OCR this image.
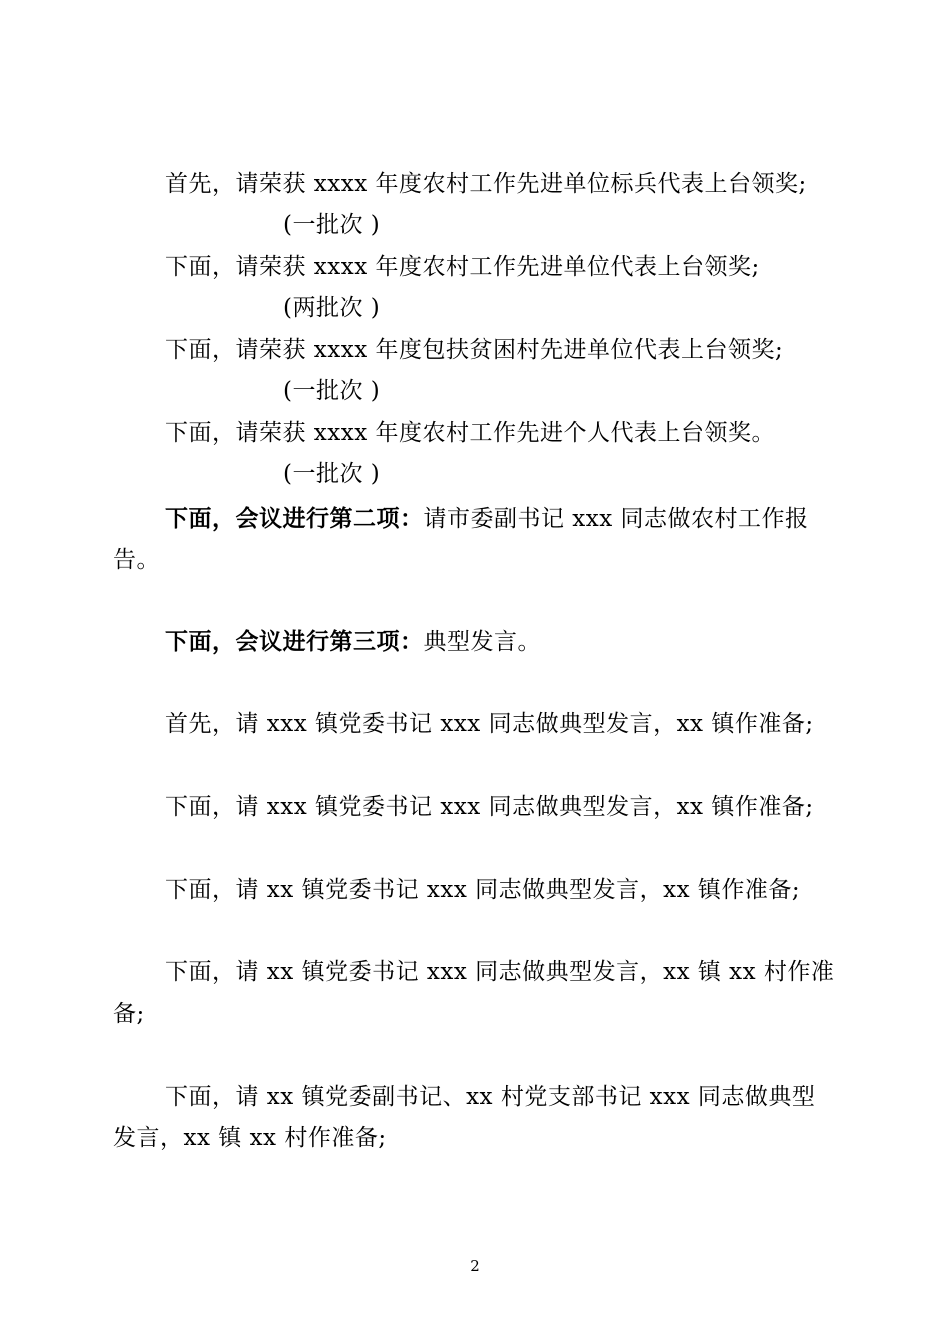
首先，请荣获 xxxx 年度农村工作先进单位标兵代表上台领奖;
(一批次 )
下面，请荣获 xxxx 年度农村工作先进单位代表上台领奖;
(两批次 )
下面，请荣获 xxxx 年度包扶贫困村先进单位代表上台领奖;
(一批次 )
下面，请荣获 xxxx 年度农村工作先进个人代表上台领奖。
(一批次 )
下面，会议进行第二项：请市委副书记 xxx 同志做农村工作报
告。
下面，会议进行第三项：典型发言。
首先，请 xxx 镇党委书记 xxx 同志做典型发言，xx 镇作准备;
下面，请 xxx 镇党委书记 xxx 同志做典型发言，xx 镇作准备;
下面，请 xx 镇党委书记 xxx 同志做典型发言，xx 镇作准备;
下面，请 xx 镇党委书记 xxx 同志做典型发言，xx 镇 xx 村作准
备;
下面，请 xx 镇党委副书记、xx 村党支部书记 xxx 同志做典型
发言，xx 镇 xx 村作准备;
2
